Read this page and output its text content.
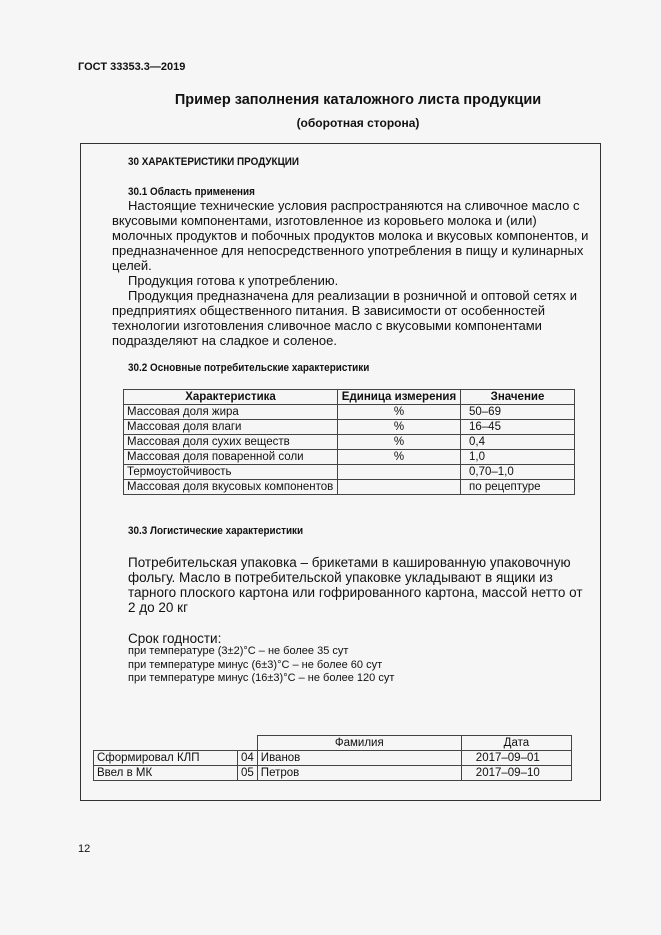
ГОСТ 33353.3—2019
Пример заполнения каталожного листа продукции
(оборотная сторона)
30 ХАРАКТЕРИСТИКИ ПРОДУКЦИИ
30.1 Область применения
Настоящие технические условия распространяются на сливочное масло с вкусовыми компонентами, изготовленное из коровьего молока и (или) молочных продуктов и побочных продуктов молока и вкусовых компонентов, и предназначенное для непосредственного употребления в пищу и кулинарных целей.
Продукция готова к употреблению.
Продукция предназначена для реализации в розничной и оптовой сетях и предприятиях общественного питания. В зависимости от особенностей технологии изготовления сливочное масло с вкусовыми компонентами подразделяют на сладкое и соленое.
30.2 Основные потребительские характеристики
Характеристика	Единица измерения	Значение
Массовая доля жира	%	50–69
Массовая доля влаги	%	16–45
Массовая доля сухих веществ	%	0,4
Массовая доля поваренной соли	%	1,0
Термоустойчивость		0,70–1,0
Массовая доля вкусовых компонентов		по рецептуре
30.3 Логистические характеристики
Потребительская упаковка – брикетами в кашированную упаковочную фольгу. Масло в потребительской упаковке укладывают в ящики из тарного плоского картона или гофрированного картона, массой нетто от 2 до 20 кг
Срок годности:
при температуре (3±2)°C – не более 35 сут
при температуре минус (6±3)°C – не более 60 сут
при температуре минус (16±3)°C – не более 120 сут
		Фамилия	Дата
Сформировал КЛП	04	Иванов	2017–09–01
Ввел в МК	05	Петров	2017–09–10
12
